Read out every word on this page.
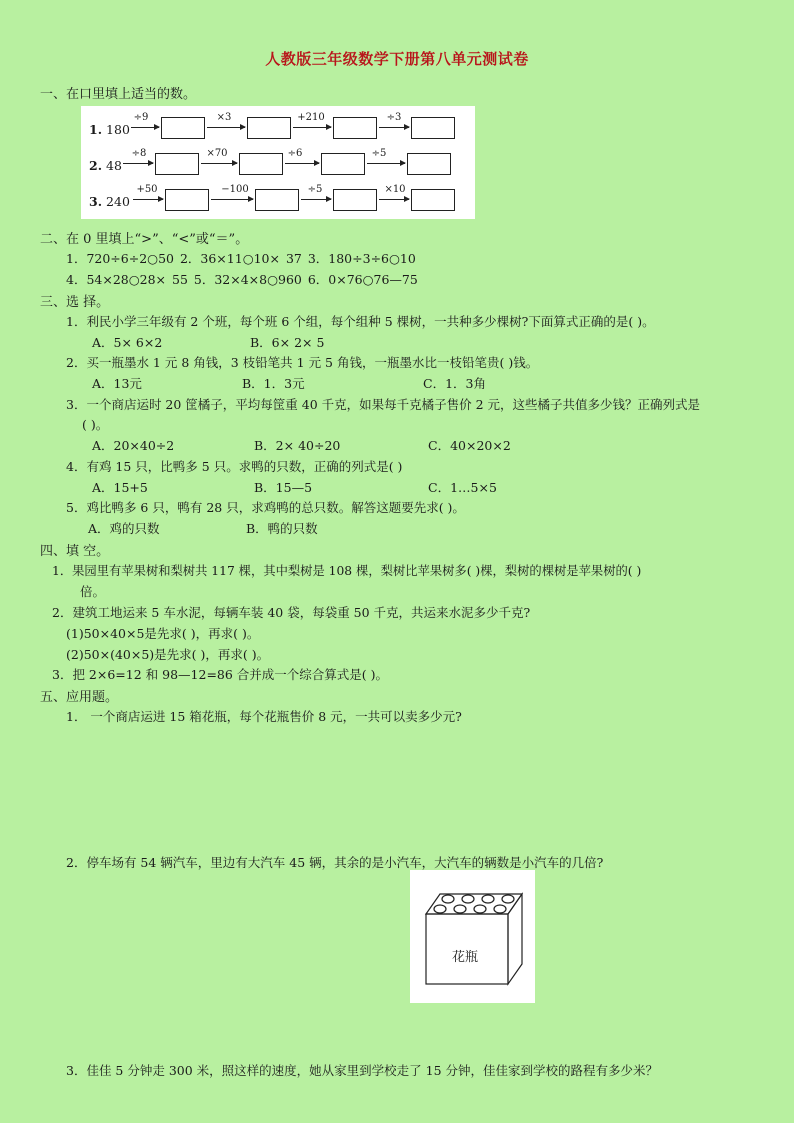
人教版三年级数学下册第八单元测试卷
一、在口里填上适当的数。
1. 180
÷9	×3	+210	÷3
2. 48
÷8	×70	÷6	÷5
3. 240
+50	−100	÷5	×10
二、在 0 里填上“>”、“<”或“＝”。
1．720÷6÷2○50 2．36×11○10× 37 3．180÷3÷6○10
4．54×28○28× 55 5．32×4×8○960 6．0×76○76—75
三、选 择。
1．利民小学三年级有 2 个班，每个班 6 个组，每个组种 5 棵树，一共种多少棵树?下面算式正确的是( )。
A．5× 6×2	B．6× 2× 5
2．买一瓶墨水 1 元 8 角钱，3 枝铅笔共 1 元 5 角钱，一瓶墨水比一枝铅笔贵( )钱。
A．13元	B．1．3元	C．1．3角
3．一个商店运时 20 筐橘子，平均每筐重 40 千克，如果每千克橘子售价 2 元，这些橘子共值多少钱？正确列式是
( )。
A．20×40÷2	B．2× 40÷20	C．40×20×2
4．有鸡 15 只，比鸭多 5 只。求鸭的只数，正确的列式是( )
A．15+5	B．15—5	C．1…5×5
5．鸡比鸭多 6 只，鸭有 28 只，求鸡鸭的总只数。解答这题要先求( )。
A．鸡的只数	B．鸭的只数
四、填 空。
1．果园里有苹果树和梨树共 117 棵，其中梨树是 108 棵，梨树比苹果树多( )棵，梨树的棵树是苹果树的( )
倍。
2．建筑工地运来 5 车水泥，每辆车装 40 袋，每袋重 50 千克，共运来水泥多少千克?
(1)50×40×5是先求( )，再求( )。
(2)50×(40×5)是先求( )，再求( )。
3．把 2×6=12 和 98—12=86 合并成一个综合算式是( )。
五、应用题。
1． 一个商店运进 15 箱花瓶，每个花瓶售价 8 元，一共可以卖多少元?
2．停车场有 54 辆汽车，里边有大汽车 45 辆，其余的是小汽车，大汽车的辆数是小汽车的几倍?
花瓶
3．佳佳 5 分钟走 300 米，照这样的速度，她从家里到学校走了 15 分钟，佳佳家到学校的路程有多少米？
